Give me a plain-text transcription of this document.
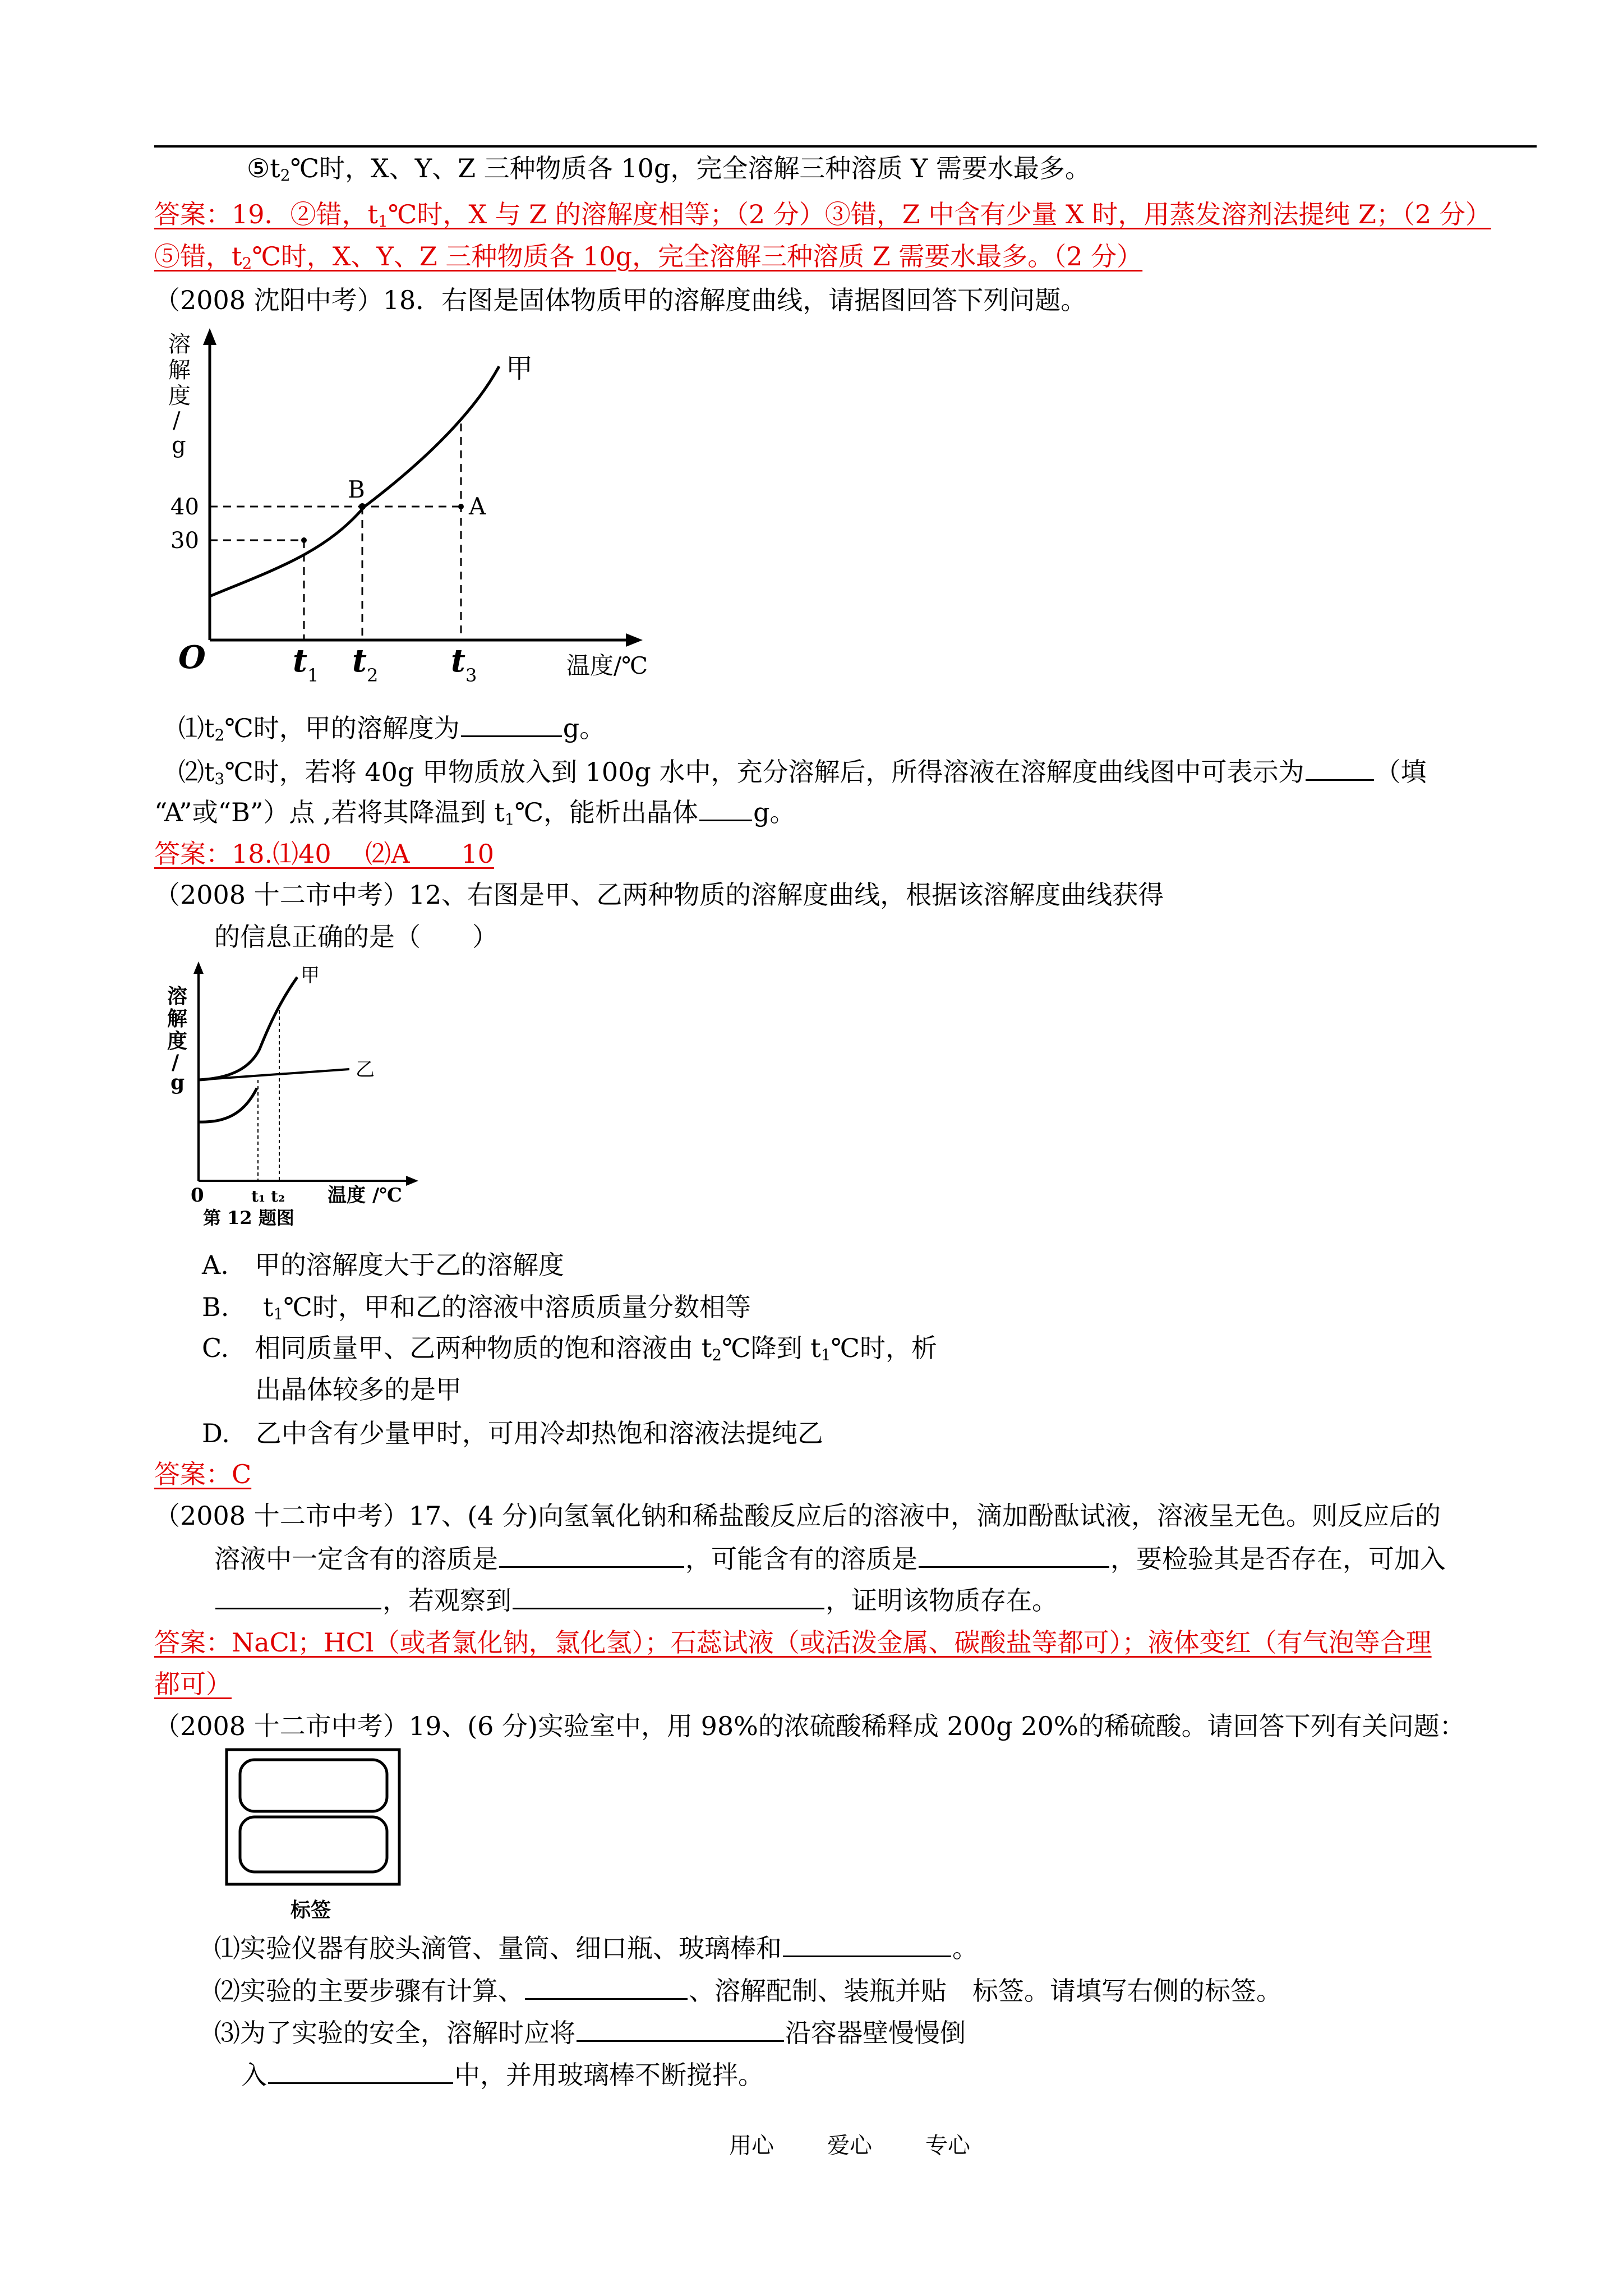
$⑤t_2℃$时，X、Y、Z 三种物质各 10g，完全溶解三种溶质 Y 需要水最多。
答案：19．②错，$t_1℃$时，X 与 Z 的溶解度相等；（2 分）③错，Z 中含有少量 X 时，用蒸发溶剂法提纯 Z；（2 分）
⑤错，$t_2℃$时，X、Y、Z 三种物质各 10g，完全溶解三种溶质 Z 需要水最多。（2 分）
（2008 沈阳中考）18．右图是固体物质甲的溶解度曲线，请据图回答下列问题。
溶
解
度
/
g
40
30
O	t 1 t 2 t 3	温度/℃
甲
B
A
$⑴t_2℃$时，甲的溶解度为	g。
$⑵t_3℃$时，若将 40g 甲物质放入到 100g 水中，充分溶解后，所得溶液在溶解度曲线图中可表示为	（填
“A”或“B”）点 ,若将其降温到 $t_1℃$，能析出晶体 g。
答案：18.⑴40　 ⑵A　　10
（2008 十二市中考）12、右图是甲、乙两种物质的溶解度曲线，根据该溶解度曲线获得
的信息正确的是（　　）
溶
解
度
/
g
0	t₁ t₂ 温度 /℃
甲
乙
第 12 题图
A.　甲的溶解度大于乙的溶解度
B.　 $t_1℃$时，甲和乙的溶液中溶质质量分数相等
C.　相同质量甲、乙两种物质的饱和溶液由 $t_2℃$降到 $t_1℃$时，析
出晶体较多的是甲
D.　乙中含有少量甲时，可用冷却热饱和溶液法提纯乙
答案：C
（2008 十二市中考）17、(4 分)向氢氧化钠和稀盐酸反应后的溶液中，滴加酚酞试液，溶液呈无色。则反应后的
溶液中一定含有的溶质是	，可能含有的溶质是	，要检验其是否存在，可加入
，若观察到	，证明该物质存在。
答案：NaCl；HCl（或者氯化钠，氯化氢）；石蕊试液（或活泼金属、碳酸盐等都可）；液体变红（有气泡等合理
都可）
（2008 十二市中考）19、(6 分)实验室中，用 98%的浓硫酸稀释成 200g 20%的稀硫酸。请回答下列有关问题：
标签
⑴实验仪器有胶头滴管、量筒、细口瓶、玻璃棒和	。
⑵实验的主要步骤有计算、	、溶解配制、装瓶并贴　标签。请填写右侧的标签。
⑶为了实验的安全，溶解时应将	沿容器壁慢慢倒
入	中，并用玻璃棒不断搅拌。
用心 爱心 专心
